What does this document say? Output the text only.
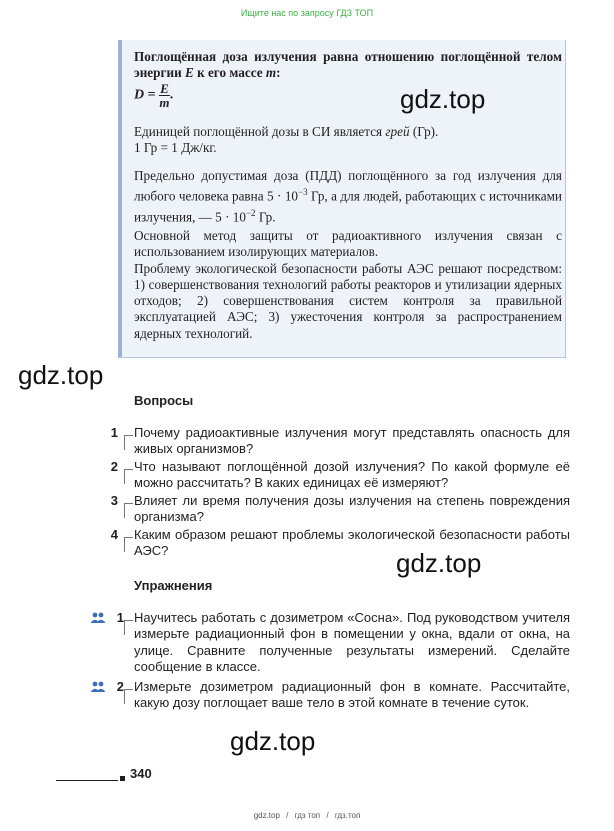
Ищите нас по запросу ГДЗ ТОП
Поглощённая доза излучения равна отношению поглощённой телом энергии E к его массе m:
$D = \frac{E}{m}$ .

Единицей поглощённой дозы в СИ является грей (Гр).

1 Гр = 1 Дж/кг.

Предельно допустимая доза (ПДД) поглощённого за год излучения для любого человека равна $5 \cdot 10^{-3}$ Гр, а для людей, работающих с источниками излучения, — $5 \cdot 10^{-2}$ Гр.

Основной метод защиты от радиоактивного излучения связан с использованием изолирующих материалов.

Проблему экологической безопасности работы АЭС решают посредством: 1) совершенствования технологий работы реакторов и утилизации ядерных отходов; 2) совершенствования систем контроля за правильной эксплуатацией АЭС; 3) ужесточения контроля за распространением ядерных технологий.

gdz.top
gdz.top
gdz.top
gdz.top
Вопросы
1 Почему радиоактивные излучения могут представлять опасность для живых организмов?
2 Что называют поглощённой дозой излучения? По какой формуле её можно рассчитать? В каких единицах её измеряют?
3 Влияет ли время получения дозы излучения на степень повреждения организма?
4 Каким образом решают проблемы экологической безопасности работы АЭС?
Упражнения
1 Научитесь работать с дозиметром «Сосна». Под руководством учителя измерьте радиационный фон в помещении у окна, вдали от окна, на улице. Сравните полученные результаты измерений. Сделайте сообщение в классе.
2 Измерьте дозиметром радиационный фон в комнате. Рассчитайте, какую дозу поглощает ваше тело в этой комнате в течение суток.
340
gdz.top / гдз топ / гдз.топ
